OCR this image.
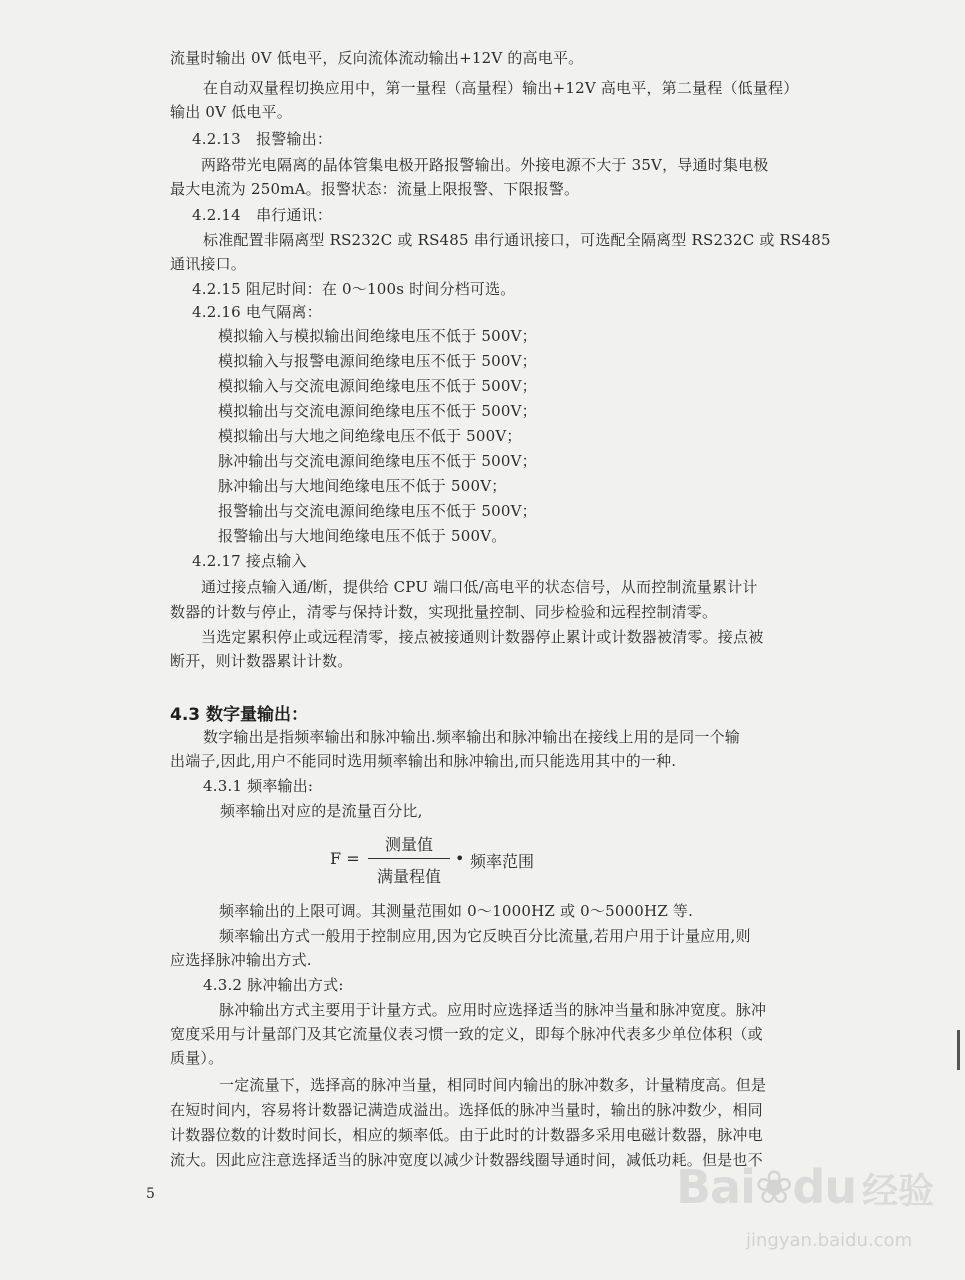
流量时输出 0V 低电平，反向流体流动输出+12V 的高电平。
在自动双量程切换应用中，第一量程（高量程）输出+12V 高电平，第二量程（低量程）
输出 0V 低电平。
4.2.13　报警输出：
两路带光电隔离的晶体管集电极开路报警输出。外接电源不大于 35V，导通时集电极
最大电流为 250mA。报警状态：流量上限报警、下限报警。
4.2.14　串行通讯：
标准配置非隔离型 RS232C 或 RS485 串行通讯接口，可选配全隔离型 RS232C 或 RS485
通讯接口。
4.2.15 阻尼时间：在 0～100s 时间分档可选。
4.2.16 电气隔离：
模拟输入与模拟输出间绝缘电压不低于 500V；
模拟输入与报警电源间绝缘电压不低于 500V；
模拟输入与交流电源间绝缘电压不低于 500V；
模拟输出与交流电源间绝缘电压不低于 500V；
模拟输出与大地之间绝缘电压不低于 500V；
脉冲输出与交流电源间绝缘电压不低于 500V；
脉冲输出与大地间绝缘电压不低于 500V；
报警输出与交流电源间绝缘电压不低于 500V；
报警输出与大地间绝缘电压不低于 500V。
4.2.17 接点输入
通过接点输入通/断，提供给 CPU 端口低/高电平的状态信号，从而控制流量累计计
数器的计数与停止，清零与保持计数，实现批量控制、同步检验和远程控制清零。
当选定累积停止或远程清零，接点被接通则计数器停止累计或计数器被清零。接点被
断开，则计数器累计计数。
4.3 数字量输出：
数字输出是指频率输出和脉冲输出.频率输出和脉冲输出在接线上用的是同一个输
出端子,因此,用户不能同时选用频率输出和脉冲输出,而只能选用其中的一种.
4.3.1 频率输出:
频率输出对应的是流量百分比,
F =
测量值
满量程值
• 频率范围
频率输出的上限可调。其测量范围如 0～1000HZ 或 0～5000HZ 等.
频率输出方式一般用于控制应用,因为它反映百分比流量,若用户用于计量应用,则
应选择脉冲输出方式.
4.3.2 脉冲输出方式:
脉冲输出方式主要用于计量方式。应用时应选择适当的脉冲当量和脉冲宽度。脉冲
宽度采用与计量部门及其它流量仪表习惯一致的定义，即每个脉冲代表多少单位体积（或
质量）。
一定流量下，选择高的脉冲当量，相同时间内输出的脉冲数多，计量精度高。但是
在短时间内，容易将计数器记满造成溢出。选择低的脉冲当量时，输出的脉冲数少，相同
计数器位数的计数时间长，相应的频率低。由于此时的计数器多采用电磁计数器，脉冲电
流大。因此应注意选择适当的脉冲宽度以减少计数器线圈导通时间，减低功耗。但是也不
5	Bai❀du 经验
jingyan.baidu.com
